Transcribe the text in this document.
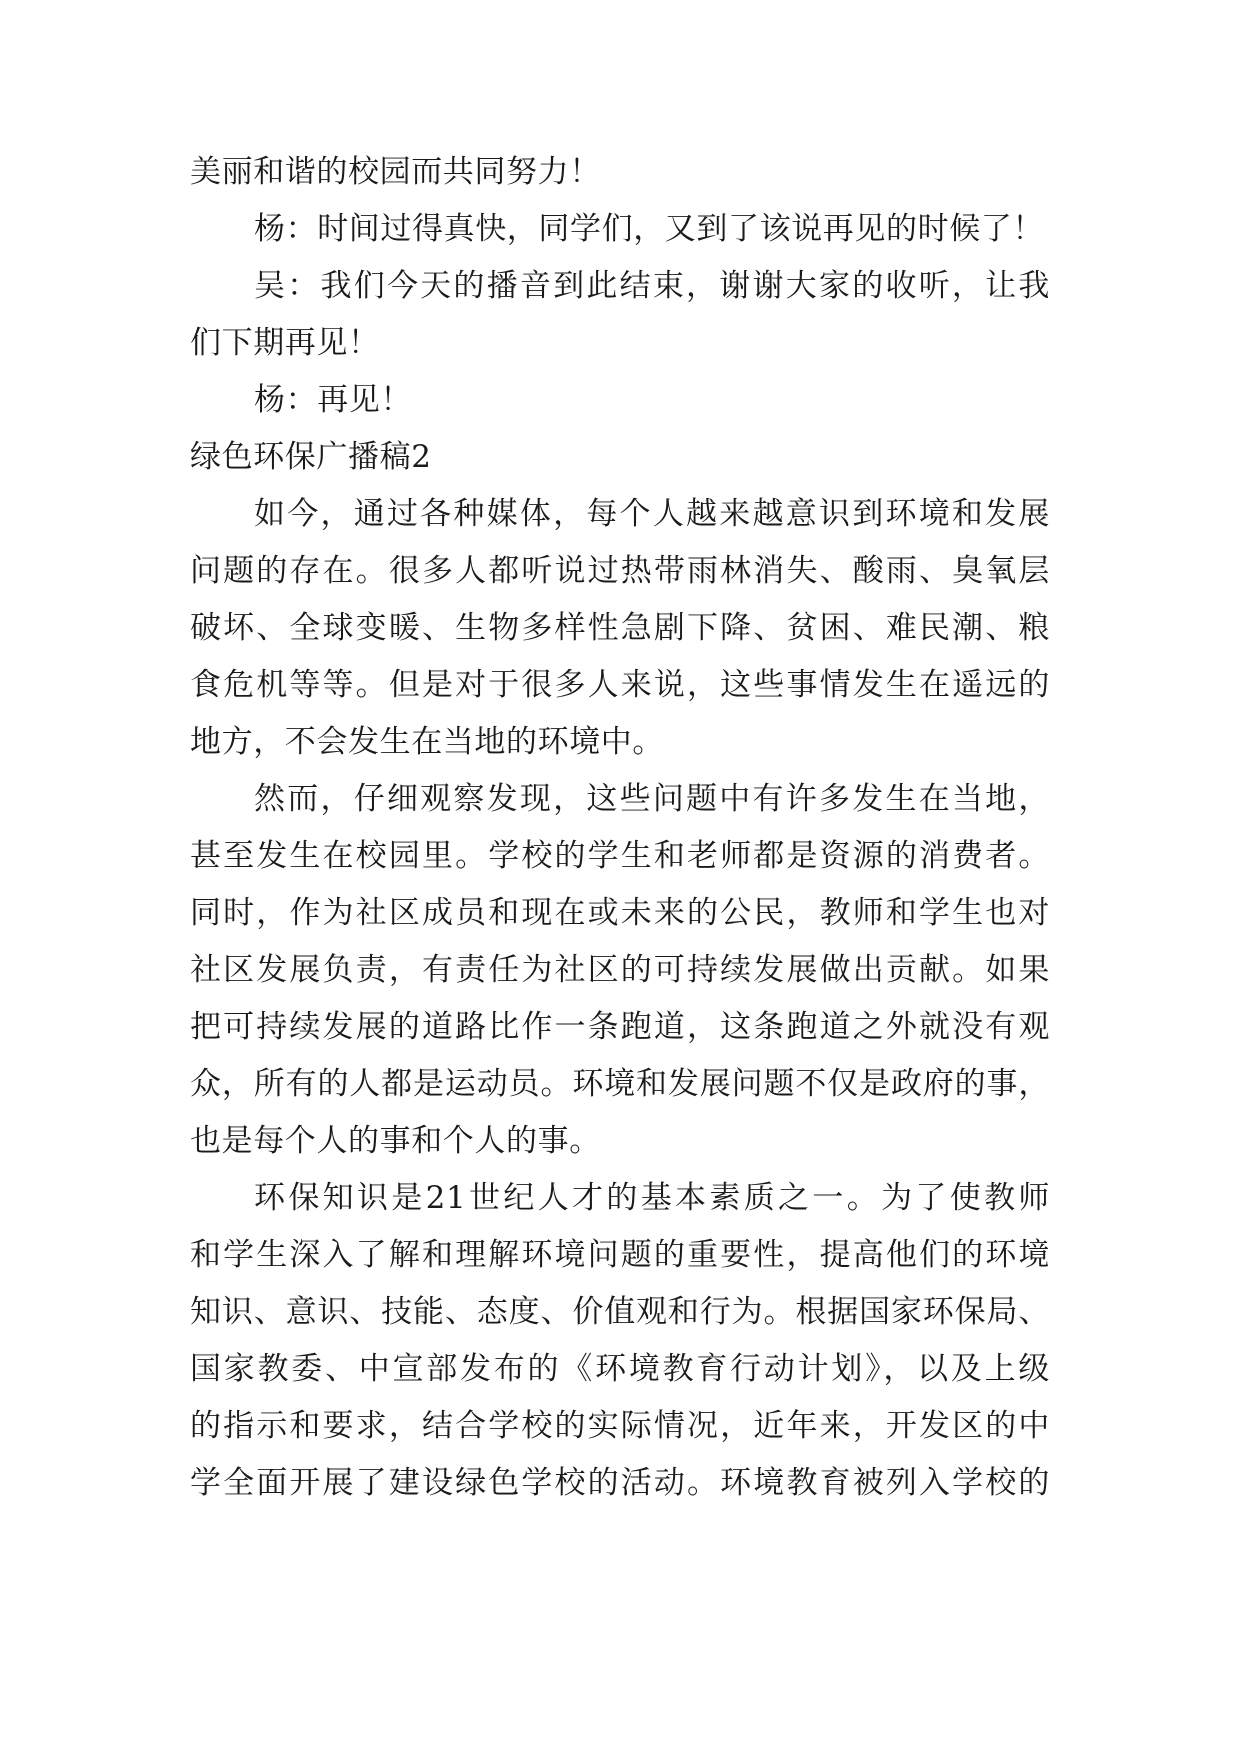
美丽和谐的校园而共同努力！
杨：时间过得真快，同学们，又到了该说再见的时候了！
吴：我们今天的播音到此结束，谢谢大家的收听，让我
们下期再见！
杨：再见！
绿色环保广播稿2
如今，通过各种媒体，每个人越来越意识到环境和发展
问题的存在。很多人都听说过热带雨林消失、酸雨、臭氧层
破坏、全球变暖、生物多样性急剧下降、贫困、难民潮、粮
食危机等等。但是对于很多人来说，这些事情发生在遥远的
地方，不会发生在当地的环境中。
然而，仔细观察发现，这些问题中有许多发生在当地，
甚至发生在校园里。学校的学生和老师都是资源的消费者。
同时，作为社区成员和现在或未来的公民，教师和学生也对
社区发展负责，有责任为社区的可持续发展做出贡献。如果
把可持续发展的道路比作一条跑道，这条跑道之外就没有观
众，所有的人都是运动员。环境和发展问题不仅是政府的事，
也是每个人的事和个人的事。
环保知识是21世纪人才的基本素质之一。为了使教师
和学生深入了解和理解环境问题的重要性，提高他们的环境
知识、意识、技能、态度、价值观和行为。根据国家环保局、
国家教委、中宣部发布的《环境教育行动计划》，以及上级
的指示和要求，结合学校的实际情况，近年来，开发区的中
学全面开展了建设绿色学校的活动。环境教育被列入学校的
